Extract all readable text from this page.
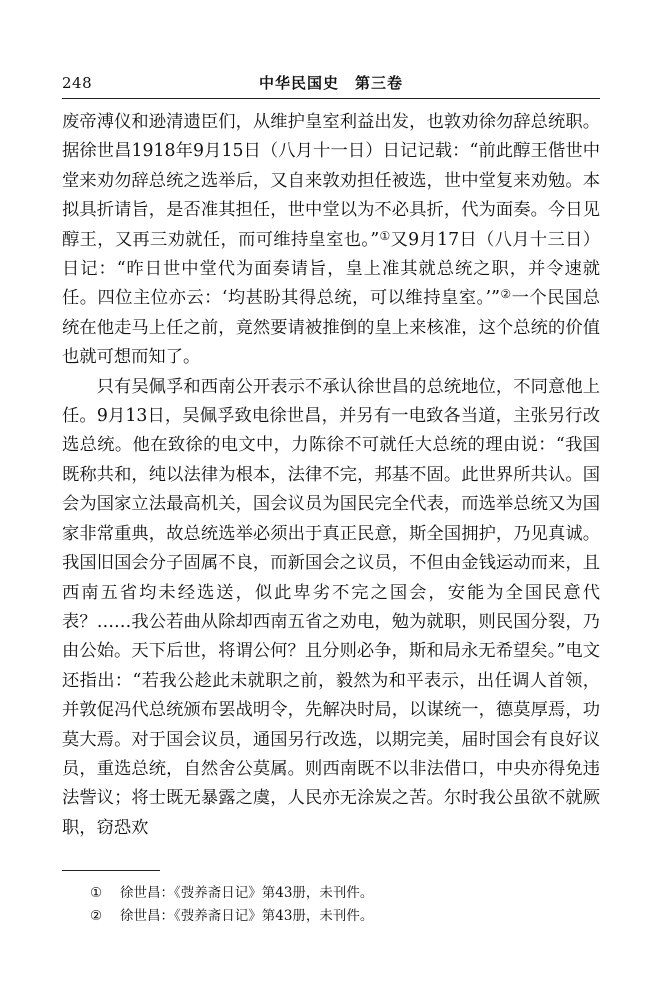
248	中华民国史　第三卷

废帝溥仪和逊清遗臣们，从维护皇室利益出发，也敦劝徐勿辞总统职。据徐世昌1918年9月15日（八月十一日）日记记载：“前此醇王偕世中堂来劝勿辞总统之选举后，又自来敦劝担任被选，世中堂复来劝勉。本拟具折请旨，是否准其担任，世中堂以为不必具折，代为面奏。今日见醇王，又再三劝就任，而可维持皇室也。”①又9月17日（八月十三日）日记：“昨日世中堂代为面奏请旨，皇上准其就总统之职，并令速就任。四位主位亦云：‘均甚盼其得总统，可以维持皇室。’”②一个民国总统在他走马上任之前，竟然要请被推倒的皇上来核准，这个总统的价值也就可想而知了。

只有吴佩孚和西南公开表示不承认徐世昌的总统地位，不同意他上任。9月13日，吴佩孚致电徐世昌，并另有一电致各当道，主张另行改选总统。他在致徐的电文中，力陈徐不可就任大总统的理由说：“我国既称共和，纯以法律为根本，法律不完，邦基不固。此世界所共认。国会为国家立法最高机关，国会议员为国民完全代表，而选举总统又为国家非常重典，故总统选举必须出于真正民意，斯全国拥护，乃见真诚。我国旧国会分子固属不良，而新国会之议员，不但由金钱运动而来，且西南五省均未经选送，似此卑劣不完之国会，安能为全国民意代表？……我公若曲从除却西南五省之劝电，勉为就职，则民国分裂，乃由公始。天下后世，将谓公何？且分则必争，斯和局永无希望矣。”电文还指出：“若我公趁此未就职之前，毅然为和平表示，出任调人首领，并敦促冯代总统颁布罢战明令，先解决时局，以谋统一，德莫厚焉，功莫大焉。对于国会议员，通国另行改选，以期完美，届时国会有良好议员，重选总统，自然舍公莫属。则西南既不以非法借口，中央亦得免违法訾议；将士既无暴露之虞，人民亦无涂炭之苦。尔时我公虽欲不就厥职，窃恐欢

① 徐世昌：《弢养斋日记》第43册，未刊件。
② 徐世昌：《弢养斋日记》第43册，未刊件。
